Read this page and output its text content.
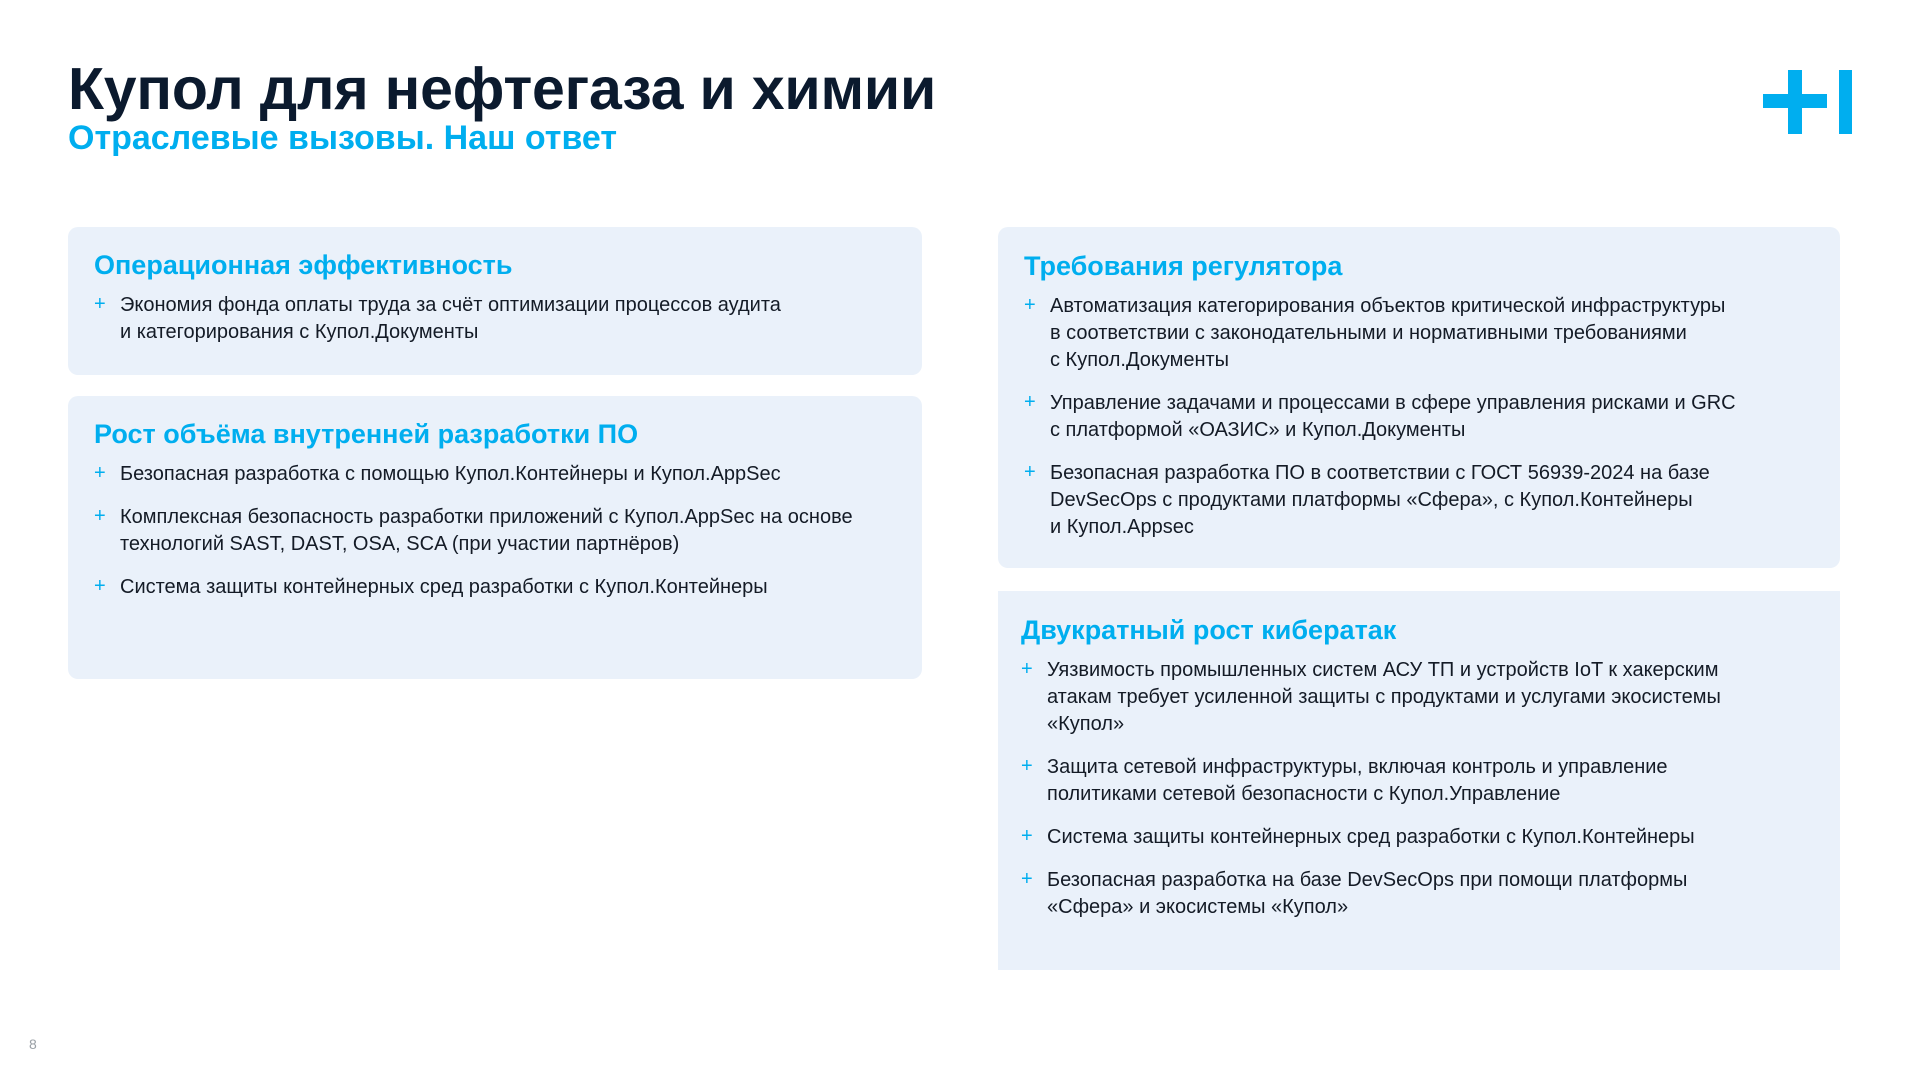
Купол для нефтегаза и химии
Отраслевые вызовы. Наш ответ
Операционная эффективность
+ Экономия фонда оплаты труда за счёт оптимизации процессов аудита
и категорирования с Купол.Документы
Рост объёма внутренней разработки ПО
+ Безопасная разработка с помощью Купол.Контейнеры и Купол.AppSec
+ Комплексная безопасность разработки приложений с Купол.AppSec на основе
технологий SAST, DAST, OSA, SCA (при участии партнёров)
+ Система защиты контейнерных сред разработки с Купол.Контейнеры
Требования регулятора
+ Автоматизация категорирования объектов критической инфраструктуры
в соответствии с законодательными и нормативными требованиями
с Купол.Документы
+ Управление задачами и процессами в сфере управления рисками и GRC
с платформой «ОАЗИС» и Купол.Документы
+ Безопасная разработка ПО в соответствии с ГОСТ 56939-2024 на базе
DevSecOps с продуктами платформы «Сфера», с Купол.Контейнеры
и Купол.Appsec
Двукратный рост кибератак
+ Уязвимость промышленных систем АСУ ТП и устройств IoT к хакерским
атакам требует усиленной защиты с продуктами и услугами экосистемы
«Купол»
+ Защита сетевой инфраструктуры, включая контроль и управление
политиками сетевой безопасности с Купол.Управление
+ Система защиты контейнерных сред разработки с Купол.Контейнеры
+ Безопасная разработка на базе DevSecOps при помощи платформы
«Сфера» и экосистемы «Купол»
8
